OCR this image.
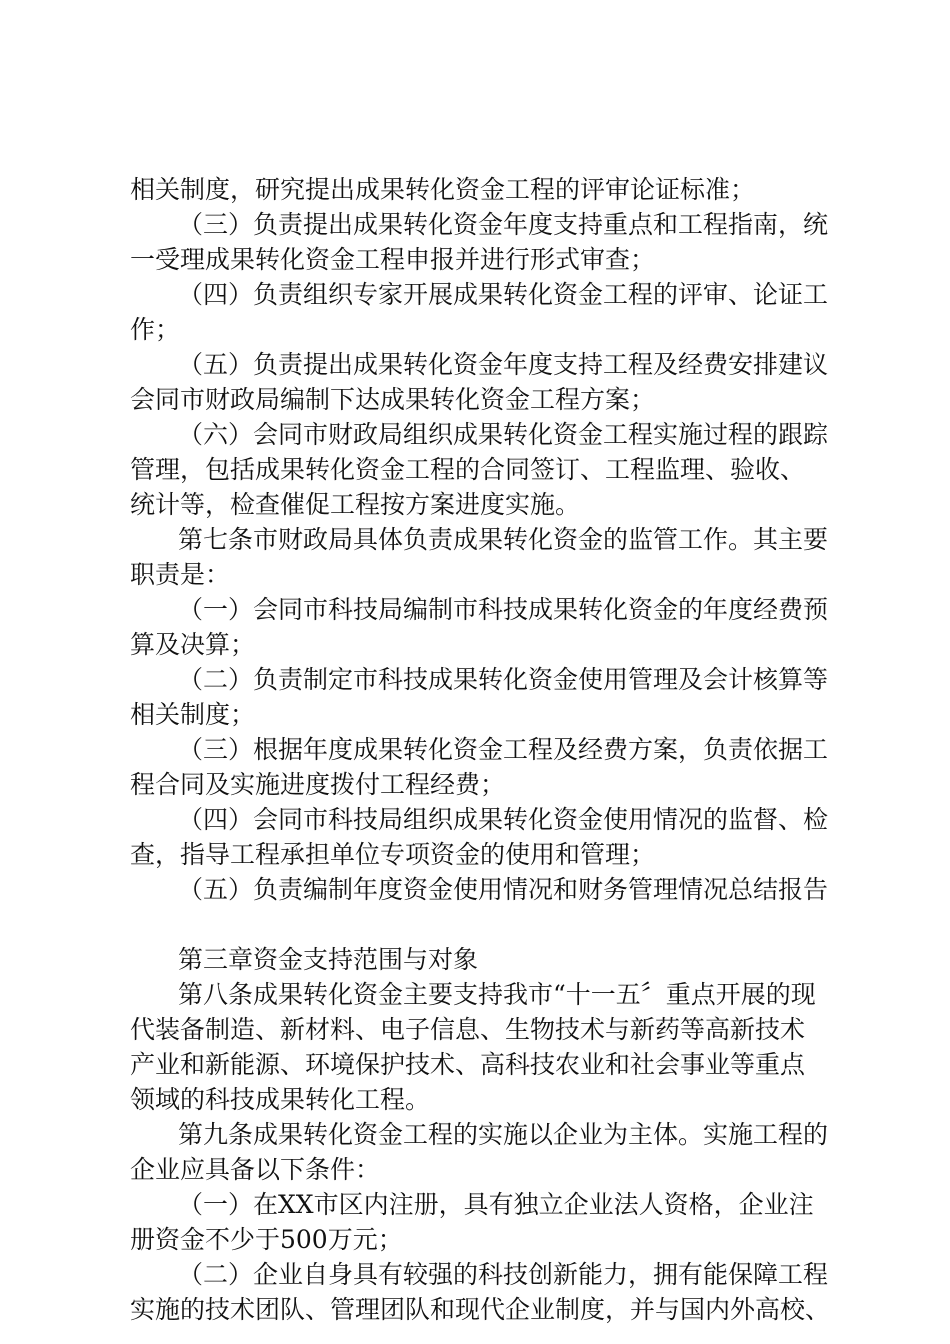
相关制度，研究提出成果转化资金工程的评审论证标准；
（三）负责提出成果转化资金年度支持重点和工程指南，统
一受理成果转化资金工程申报并进行形式审查；
（四）负责组织专家开展成果转化资金工程的评审、论证工
作；
（五）负责提出成果转化资金年度支持工程及经费安排建议
会同市财政局编制下达成果转化资金工程方案；
（六）会同市财政局组织成果转化资金工程实施过程的跟踪
管理，包括成果转化资金工程的合同签订、工程监理、验收、
统计等，检查催促工程按方案进度实施。
第七条市财政局具体负责成果转化资金的监管工作。其主要
职责是：
（一）会同市科技局编制市科技成果转化资金的年度经费预
算及决算；
（二）负责制定市科技成果转化资金使用管理及会计核算等
相关制度；
（三）根据年度成果转化资金工程及经费方案，负责依据工
程合同及实施进度拨付工程经费；
（四）会同市科技局组织成果转化资金使用情况的监督、检
查，指导工程承担单位专项资金的使用和管理；
（五）负责编制年度资金使用情况和财务管理情况总结报告
第三章资金支持范围与对象
第八条成果转化资金主要支持我市“十一五〞重点开展的现
代装备制造、新材料、电子信息、生物技术与新药等高新技术
产业和新能源、环境保护技术、高科技农业和社会事业等重点
领域的科技成果转化工程。
第九条成果转化资金工程的实施以企业为主体。实施工程的
企业应具备以下条件：
（一）在XX市区内注册，具有独立企业法人资格，企业注
册资金不少于500万元；
（二）企业自身具有较强的科技创新能力，拥有能保障工程
实施的技术团队、管理团队和现代企业制度，并与国内外高校、
